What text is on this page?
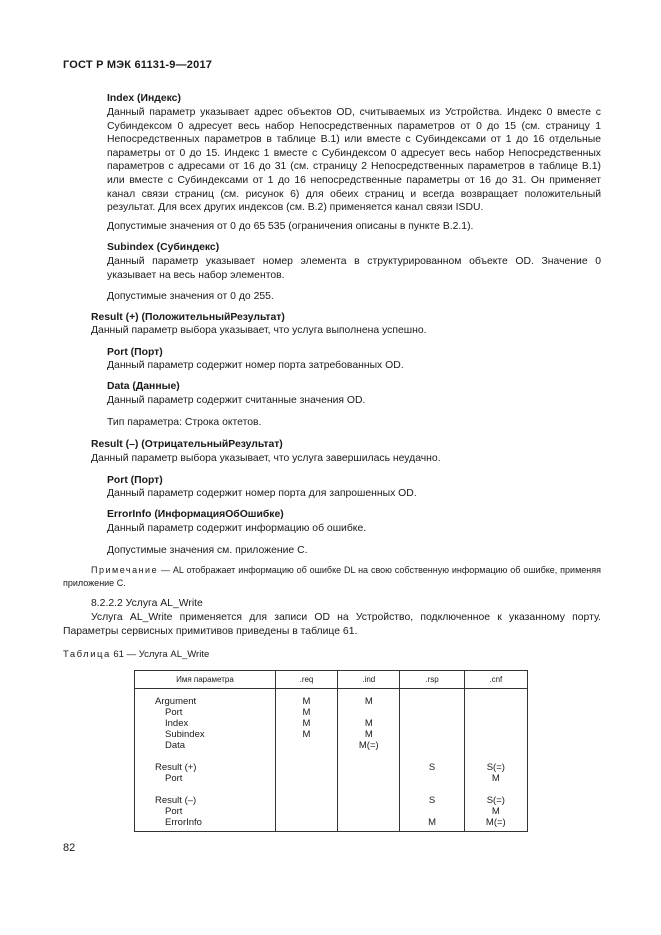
ГОСТ Р МЭК 61131-9—2017
Index (Индекс)
Данный параметр указывает адрес объектов OD, считываемых из Устройства. Индекс 0 вместе с Субиндексом 0 адресует весь набор Непосредственных параметров от 0 до 15 (см. страницу 1 Непосредственных параметров в таблице В.1) или вместе с Субиндексами от 1 до 16 отдельные параметры от 0 до 15. Индекс 1 вместе с Субиндексом 0 адресует весь набор Непосредственных параметров с адресами от 16 до 31 (см. страницу 2 Непосредственных параметров в таблице В.1) или вместе с Субиндексами от 1 до 16 непосредственные параметры от 16 до 31. Он применяет канал связи страниц (см. рисунок 6) для обеих страниц и всегда возвращает положительный результат. Для всех других индексов (см. В.2) применяется канал связи ISDU.
Допустимые значения от 0 до 65 535 (ограничения описаны в пункте В.2.1).
Subindex (Субиндекс)
Данный параметр указывает номер элемента в структурированном объекте OD. Значение 0 указывает на весь набор элементов.
Допустимые значения от 0 до 255.
Result (+) (ПоложительныйРезультат)
Данный параметр выбора указывает, что услуга выполнена успешно.
Port (Порт)
Данный параметр содержит номер порта затребованных OD.
Data (Данные)
Данный параметр содержит считанные значения OD.
Тип параметра: Строка октетов.
Result (–) (ОтрицательныйРезультат)
Данный параметр выбора указывает, что услуга завершилась неудачно.
Port (Порт)
Данный параметр содержит номер порта для запрошенных OD.
ErrorInfo (ИнформацияОбОшибке)
Данный параметр содержит информацию об ошибке.
Допустимые значения см. приложение С.
Примечание — AL отображает информацию об ошибке DL на свою собственную информацию об ошибке, применяя приложение С.
8.2.2.2 Услуга AL_Write
Услуга AL_Write применяется для записи OD на Устройство, подключенное к указанному порту. Параметры сервисных примитивов приведены в таблице 61.
Таблица 61 — Услуга AL_Write
Имя параметра	.req	.ind	.rsp	.cnf
Argument	M	M		
Port	M			
Index	M	M		
Subindex	M	M		
Data		M(=)		

Result (+)			S	S(=)
Port				M

Result (–)			S	S(=)
Port				M
ErrorInfo			M	M(=)
82
